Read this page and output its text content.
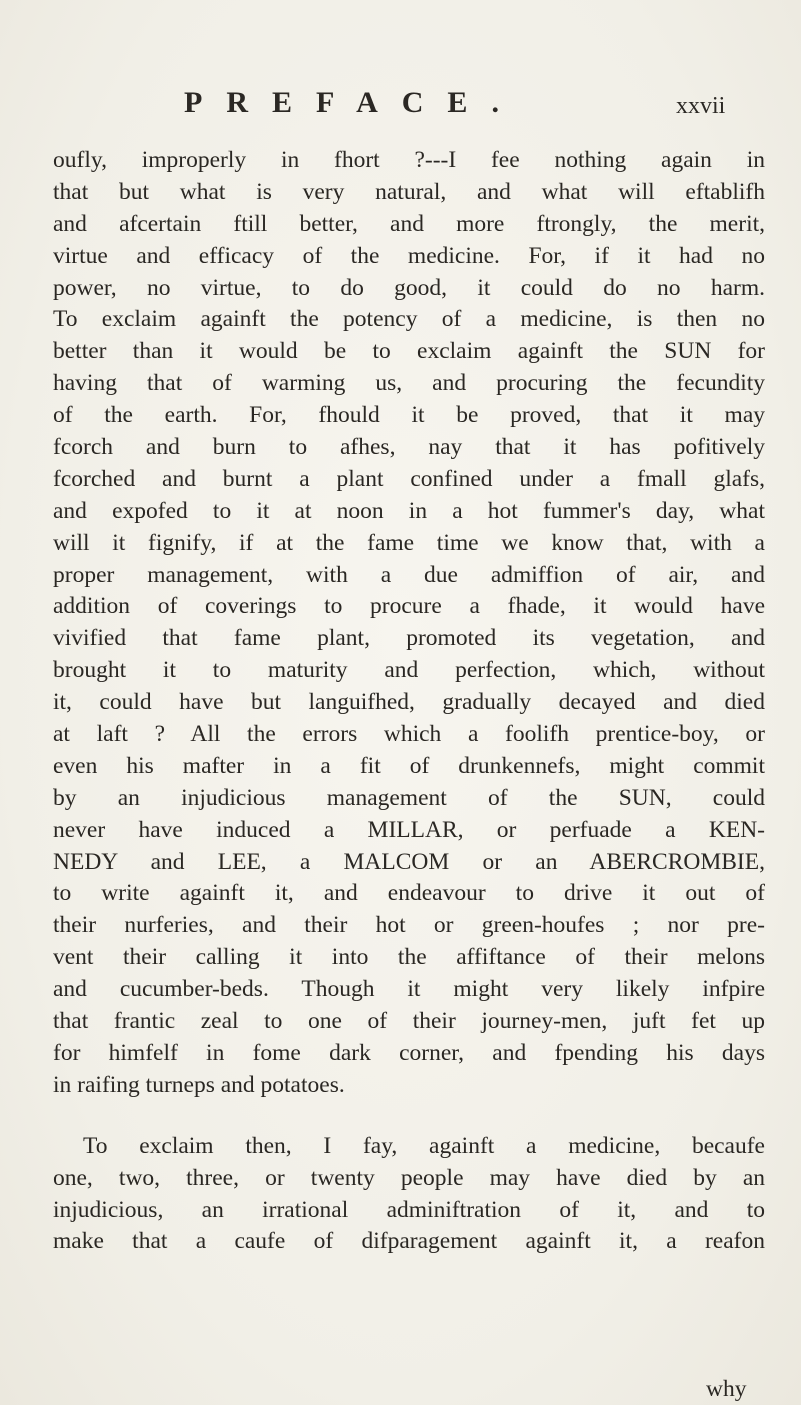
PREFACE.	xxvii
oufly, improperly in fhort ?---I fee nothing again in
that but what is very natural, and what will eftablifh
and afcertain ftill better, and more ftrongly, the merit,
virtue and efficacy of the medicine. For, if it had no
power, no virtue, to do good, it could do no harm.
To exclaim againft the potency of a medicine, is then no
better than it would be to exclaim againft the SUN for
having that of warming us, and procuring the fecundity
of the earth. For, fhould it be proved, that it may
fcorch and burn to afhes, nay that it has pofitively
fcorched and burnt a plant confined under a fmall glafs,
and expofed to it at noon in a hot fummer's day, what
will it fignify, if at the fame time we know that, with a
proper management, with a due admiffion of air, and
addition of coverings to procure a fhade, it would have
vivified that fame plant, promoted its vegetation, and
brought it to maturity and perfection, which, without
it, could have but languifhed, gradually decayed and died
at laft ? All the errors which a foolifh prentice-boy, or
even his mafter in a fit of drunkennefs, might commit
by an injudicious management of the SUN, could
never have induced a MILLAR, or perfuade a KEN-
NEDY and LEE, a MALCOM or an ABERCROMBIE,
to write againft it, and endeavour to drive it out of
their nurferies, and their hot or green-houfes ; nor pre-
vent their calling it into the affiftance of their melons
and cucumber-beds. Though it might very likely infpire
that frantic zeal to one of their journey-men, juft fet up
for himfelf in fome dark corner, and fpending his days
in raifing turneps and potatoes.
To exclaim then, I fay, againft a medicine, becaufe
one, two, three, or twenty people may have died by an
injudicious, an irrational adminiftration of it, and to
make that a caufe of difparagement againft it, a reafon
why
